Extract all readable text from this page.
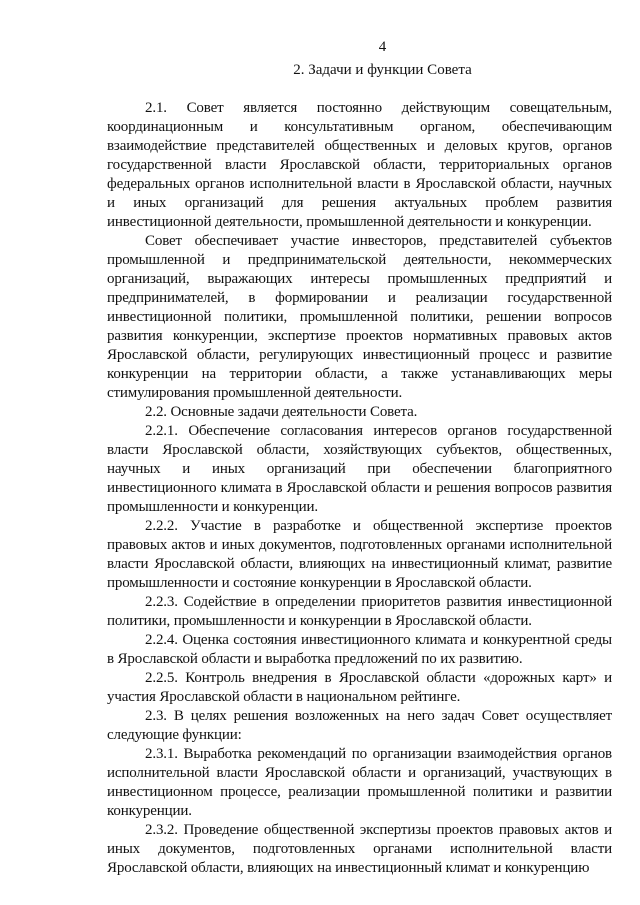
4
2. Задачи и функции Совета

2.1. Совет является постоянно действующим совещательным, координационным и консультативным органом, обеспечивающим взаимодействие представителей общественных и деловых кругов, органов государственной власти Ярославской области, территориальных органов федеральных органов исполнительной власти в Ярославской области, научных и иных организаций для решения актуальных проблем развития инвестиционной деятельности, промышленной деятельности и конкуренции.

Совет обеспечивает участие инвесторов, представителей субъектов промышленной и предпринимательской деятельности, некоммерческих организаций, выражающих интересы промышленных предприятий и предпринимателей, в формировании и реализации государственной инвестиционной политики, промышленной политики, решении вопросов развития конкуренции, экспертизе проектов нормативных правовых актов Ярославской области, регулирующих инвестиционный процесс и развитие конкуренции на территории области, а также устанавливающих меры стимулирования промышленной деятельности.

2.2. Основные задачи деятельности Совета.

2.2.1. Обеспечение согласования интересов органов государственной власти Ярославской области, хозяйствующих субъектов, общественных, научных и иных организаций при обеспечении благоприятного инвестиционного климата в Ярославской области и решения вопросов развития промышленности и конкуренции.

2.2.2. Участие в разработке и общественной экспертизе проектов правовых актов и иных документов, подготовленных органами исполнительной власти Ярославской области, влияющих на инвестиционный климат, развитие промышленности и состояние конкуренции в Ярославской области.

2.2.3. Содействие в определении приоритетов развития инвестиционной политики, промышленности и конкуренции в Ярославской области.

2.2.4. Оценка состояния инвестиционного климата и конкурентной среды в Ярославской области и выработка предложений по их развитию.

2.2.5. Контроль внедрения в Ярославской области «дорожных карт» и участия Ярославской области в национальном рейтинге.

2.3. В целях решения возложенных на него задач Совет осуществляет следующие функции:

2.3.1. Выработка рекомендаций по организации взаимодействия органов исполнительной власти Ярославской области и организаций, участвующих в инвестиционном процессе, реализации промышленной политики и развитии конкуренции.

2.3.2. Проведение общественной экспертизы проектов правовых актов и иных документов, подготовленных органами исполнительной власти Ярославской области, влияющих на инвестиционный климат и конкуренцию
